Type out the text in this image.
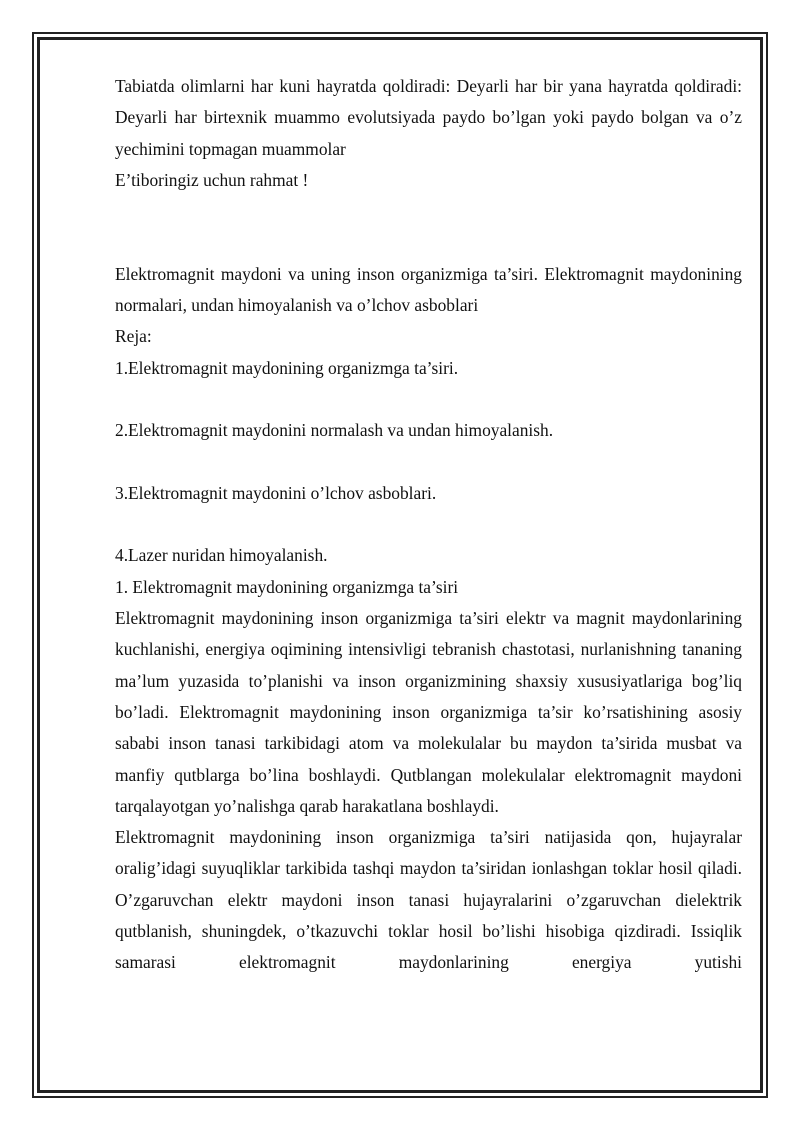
Tabiatda olimlarni har kuni hayratda qoldiradi: Deyarli har bir yana hayratda qoldiradi: Deyarli har birtexnik muammo evolutsiyada paydo bo’lgan yoki paydo bolgan va o’z yechimini topmagan muammolar

E’tiboringiz uchun rahmat !

Elektromagnit maydoni va uning inson organizmiga ta’siri. Elektromagnit maydonining normalari, undan himoyalanish va o’lchov asboblari

Reja:

1.Elektromagnit maydonining organizmga ta’siri.

2.Elektromagnit maydonini normalash va undan himoyalanish.

3.Elektromagnit maydonini o’lchov asboblari.

4.Lazer nuridan himoyalanish.

1. Elektromagnit maydonining organizmga ta’siri

Elektromagnit maydonining inson organizmiga ta’siri elektr va magnit maydonlarining kuchlanishi, energiya oqimining intensivligi tebranish chastotasi, nurlanishning tananing ma’lum yuzasida to’planishi va inson organizmining shaxsiy xususiyatlariga bog’liq bo’ladi. Elektromagnit maydonining inson organizmiga ta’sir ko’rsatishining asosiy sababi inson tanasi tarkibidagi atom va molekulalar bu maydon ta’sirida musbat va manfiy qutblarga bo’lina boshlaydi. Qutblangan molekulalar elektromagnit maydoni tarqalayotgan yo’nalishga qarab harakatlana boshlaydi.

Elektromagnit maydonining inson organizmiga ta’siri natijasida qon, hujayralar oralig’idagi suyuqliklar tarkibida tashqi maydon ta’siridan ionlashgan toklar hosil qiladi. O’zgaruvchan elektr maydoni inson tanasi hujayralarini o’zgaruvchan dielektrik qutblanish, shuningdek, o’tkazuvchi toklar hosil bo’lishi hisobiga qizdiradi. Issiqlik samarasi elektromagnit maydonlarining energiya yutishi
